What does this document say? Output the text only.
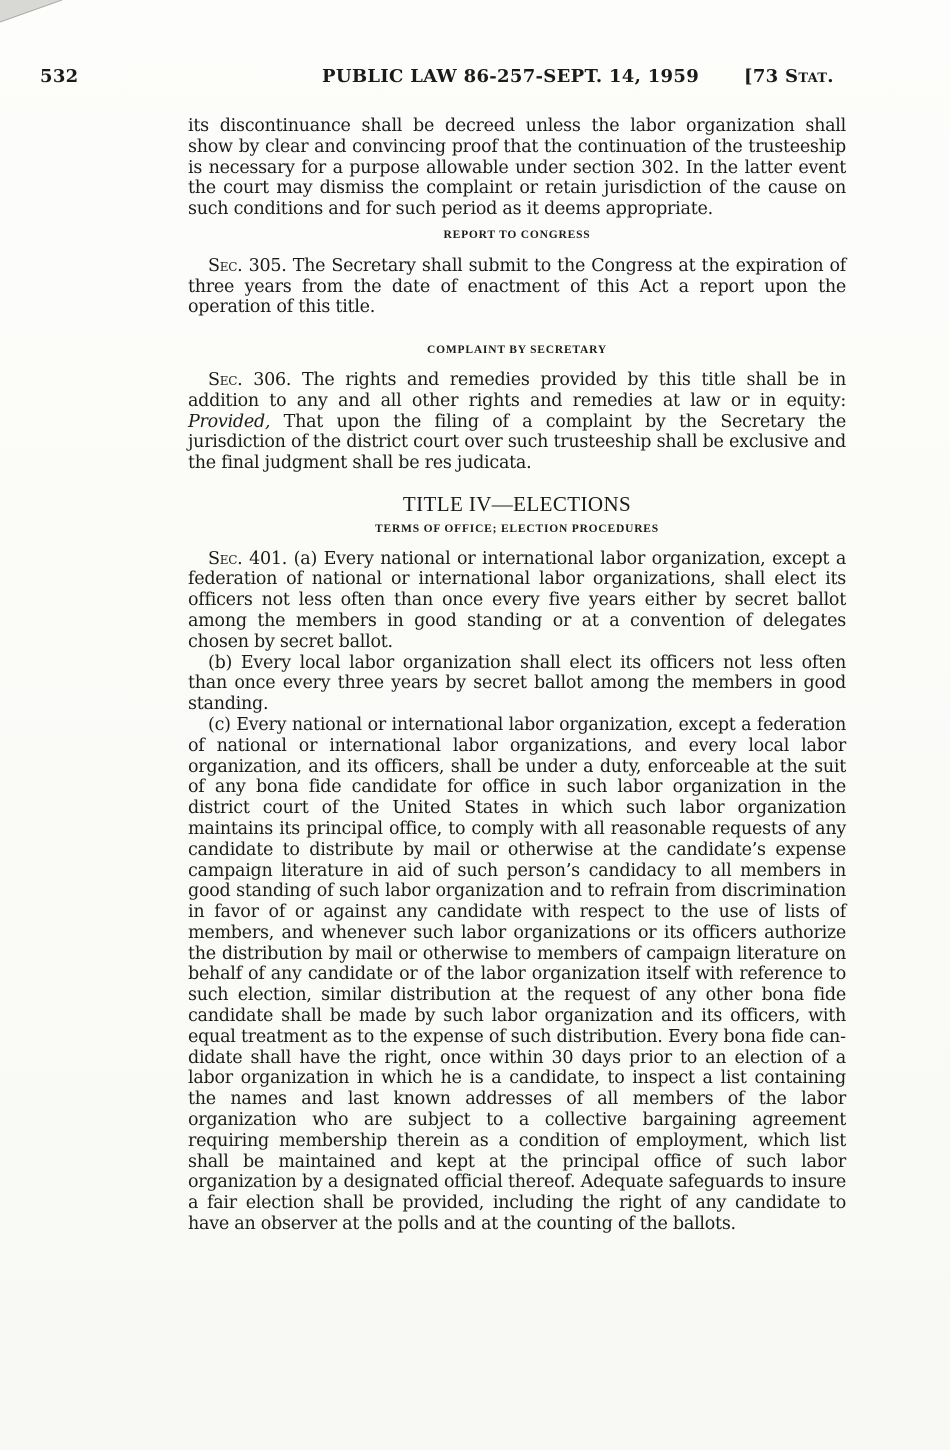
532	PUBLIC LAW 86-257-SEPT. 14, 1959 [73 Stat.

its discontinuance shall be decreed unless the labor organization shall show by clear and convincing proof that the continuation of the trusteeship is necessary for a purpose allowable under section 302. In the latter event the court may dismiss the complaint or retain jurisdiction of the cause on such conditions and for such period as it deems appropriate.

REPORT TO CONGRESS

Sec. 305. The Secretary shall submit to the Congress at the expiration of three years from the date of enactment of this Act a report upon the operation of this title.

COMPLAINT BY SECRETARY

Sec. 306. The rights and remedies provided by this title shall be in addition to any and all other rights and remedies at law or in equity: Provided, That upon the filing of a complaint by the Secretary the jurisdiction of the district court over such trusteeship shall be exclusive and the final judgment shall be res judicata.

TITLE IV—ELECTIONS

TERMS OF OFFICE; ELECTION PROCEDURES

Sec. 401. (a) Every national or international labor organization, except a federation of national or international labor organizations, shall elect its officers not less often than once every five years either by secret ballot among the members in good standing or at a convention of delegates chosen by secret ballot.

(b) Every local labor organization shall elect its officers not less often than once every three years by secret ballot among the members in good standing.

(c) Every national or international labor organization, except a federation of national or international labor organizations, and every local labor organization, and its officers, shall be under a duty, enforceable at the suit of any bona fide candidate for office in such labor organization in the district court of the United States in which such labor organization maintains its principal office, to comply with all reasonable requests of any candidate to distribute by mail or otherwise at the candidate’s expense campaign literature in aid of such person’s candidacy to all members in good standing of such labor organization and to refrain from discrimination in favor of or against any candidate with respect to the use of lists of members, and whenever such labor organizations or its officers authorize the distribution by mail or otherwise to members of campaign literature on behalf of any candidate or of the labor organization itself with reference to such election, similar distribution at the request of any other bona fide candidate shall be made by such labor organization and its officers, with equal treatment as to the expense of such distribution. Every bona fide candidate shall have the right, once within 30 days prior to an election of a labor organization in which he is a candidate, to inspect a list containing the names and last known addresses of all members of the labor organization who are subject to a collective bargaining agreement requiring membership therein as a condition of employment, which list shall be maintained and kept at the principal office of such labor organization by a designated official thereof. Adequate safeguards to insure a fair election shall be provided, including the right of any candidate to have an observer at the polls and at the counting of the ballots.
